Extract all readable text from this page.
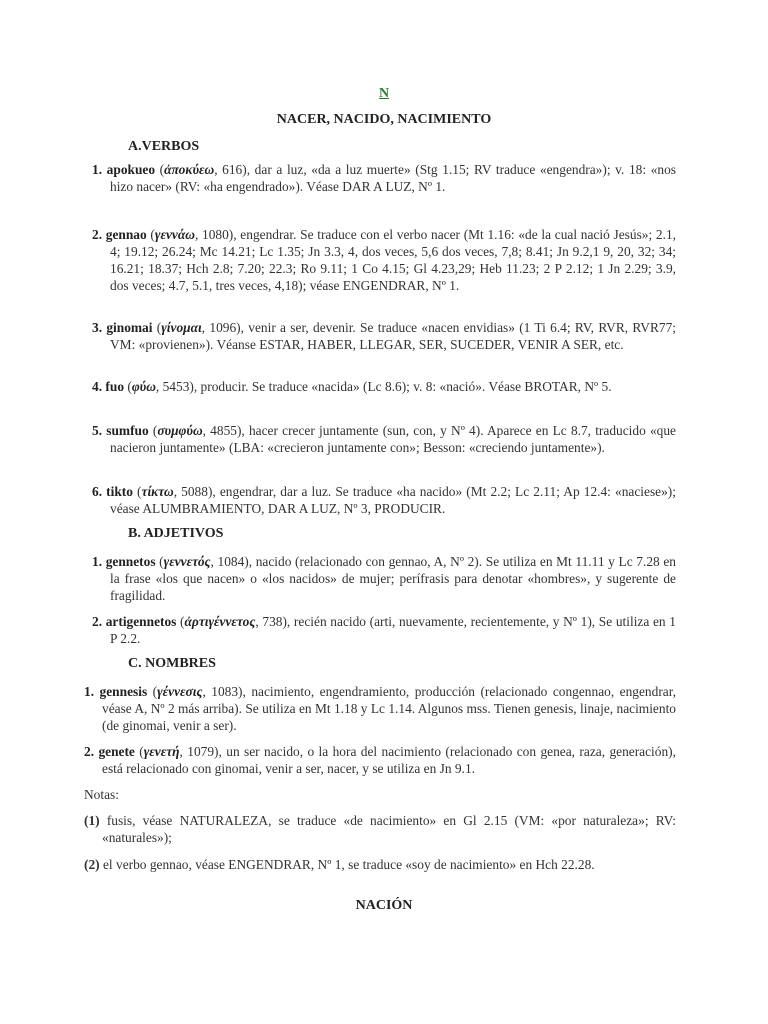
N
NACER, NACIDO, NACIMIENTO
A.VERBOS
1. apokueo (ἀποκύεω, 616), dar a luz, «da a luz muerte» (Stg 1.15; RV traduce «engendra»); v. 18: «nos hizo nacer» (RV: «ha engendrado»). Véase DAR A LUZ, Nº 1.
2. gennao (γεννάω, 1080), engendrar. Se traduce con el verbo nacer (Mt 1.16: «de la cual nació Jesús»; 2.1, 4; 19.12; 26.24; Mc 14.21; Lc 1.35; Jn 3.3, 4, dos veces, 5,6 dos veces, 7,8; 8.41; Jn 9.2,1 9, 20, 32; 34; 16.21; 18.37; Hch 2.8; 7.20; 22.3; Ro 9.11; 1 Co 4.15; Gl 4.23,29; Heb 11.23; 2 P 2.12; 1 Jn 2.29; 3.9, dos veces; 4.7, 5.1, tres veces, 4,18); véase ENGENDRAR, Nº 1.
3. ginomai (γίνομαι, 1096), venir a ser, devenir. Se traduce «nacen envidias» (1 Ti 6.4; RV, RVR, RVR77; VM: «provienen»). Véanse ESTAR, HABER, LLEGAR, SER, SUCEDER, VENIR A SER, etc.
4. fuo (φύω, 5453), producir. Se traduce «nacida» (Lc 8.6); v. 8: «nació». Véase BROTAR, Nº 5.
5. sumfuo (συμφύω, 4855), hacer crecer juntamente (sun, con, y Nº 4). Aparece en Lc 8.7, traducido «que nacieron juntamente» (LBA: «crecieron juntamente con»; Besson: «creciendo juntamente»).
6. tikto (τίκτω, 5088), engendrar, dar a luz. Se traduce «ha nacido» (Mt 2.2; Lc 2.11; Ap 12.4: «naciese»); véase ALUMBRAMIENTO, DAR A LUZ, Nº 3, PRODUCIR.
B. ADJETIVOS
1. gennetos (γεννετός, 1084), nacido (relacionado con gennao, A, Nº 2). Se utiliza en Mt 11.11 y Lc 7.28 en la frase «los que nacen» o «los nacidos» de mujer; perífrasis para denotar «hombres», y sugerente de fragilidad.
2. artigennetos (ἀρτιγέννετος, 738), recién nacido (arti, nuevamente, recientemente, y Nº 1), Se utiliza en 1 P 2.2.
C. NOMBRES
1. gennesis (γέννεσις, 1083), nacimiento, engendramiento, producción (relacionado congennao, engendrar, véase A, Nº 2 más arriba). Se utiliza en Mt 1.18 y Lc 1.14. Algunos mss. Tienen genesis, linaje, nacimiento (de ginomai, venir a ser).
2. genete (γενετή, 1079), un ser nacido, o la hora del nacimiento (relacionado con genea, raza, generación), está relacionado con ginomai, venir a ser, nacer, y se utiliza en Jn 9.1.
Notas:
(1) fusis, véase NATURALEZA, se traduce «de nacimiento» en Gl 2.15 (VM: «por naturaleza»; RV: «naturales»);
(2) el verbo gennao, véase ENGENDRAR, Nº 1, se traduce «soy de nacimiento» en Hch 22.28.
NACIÓN
